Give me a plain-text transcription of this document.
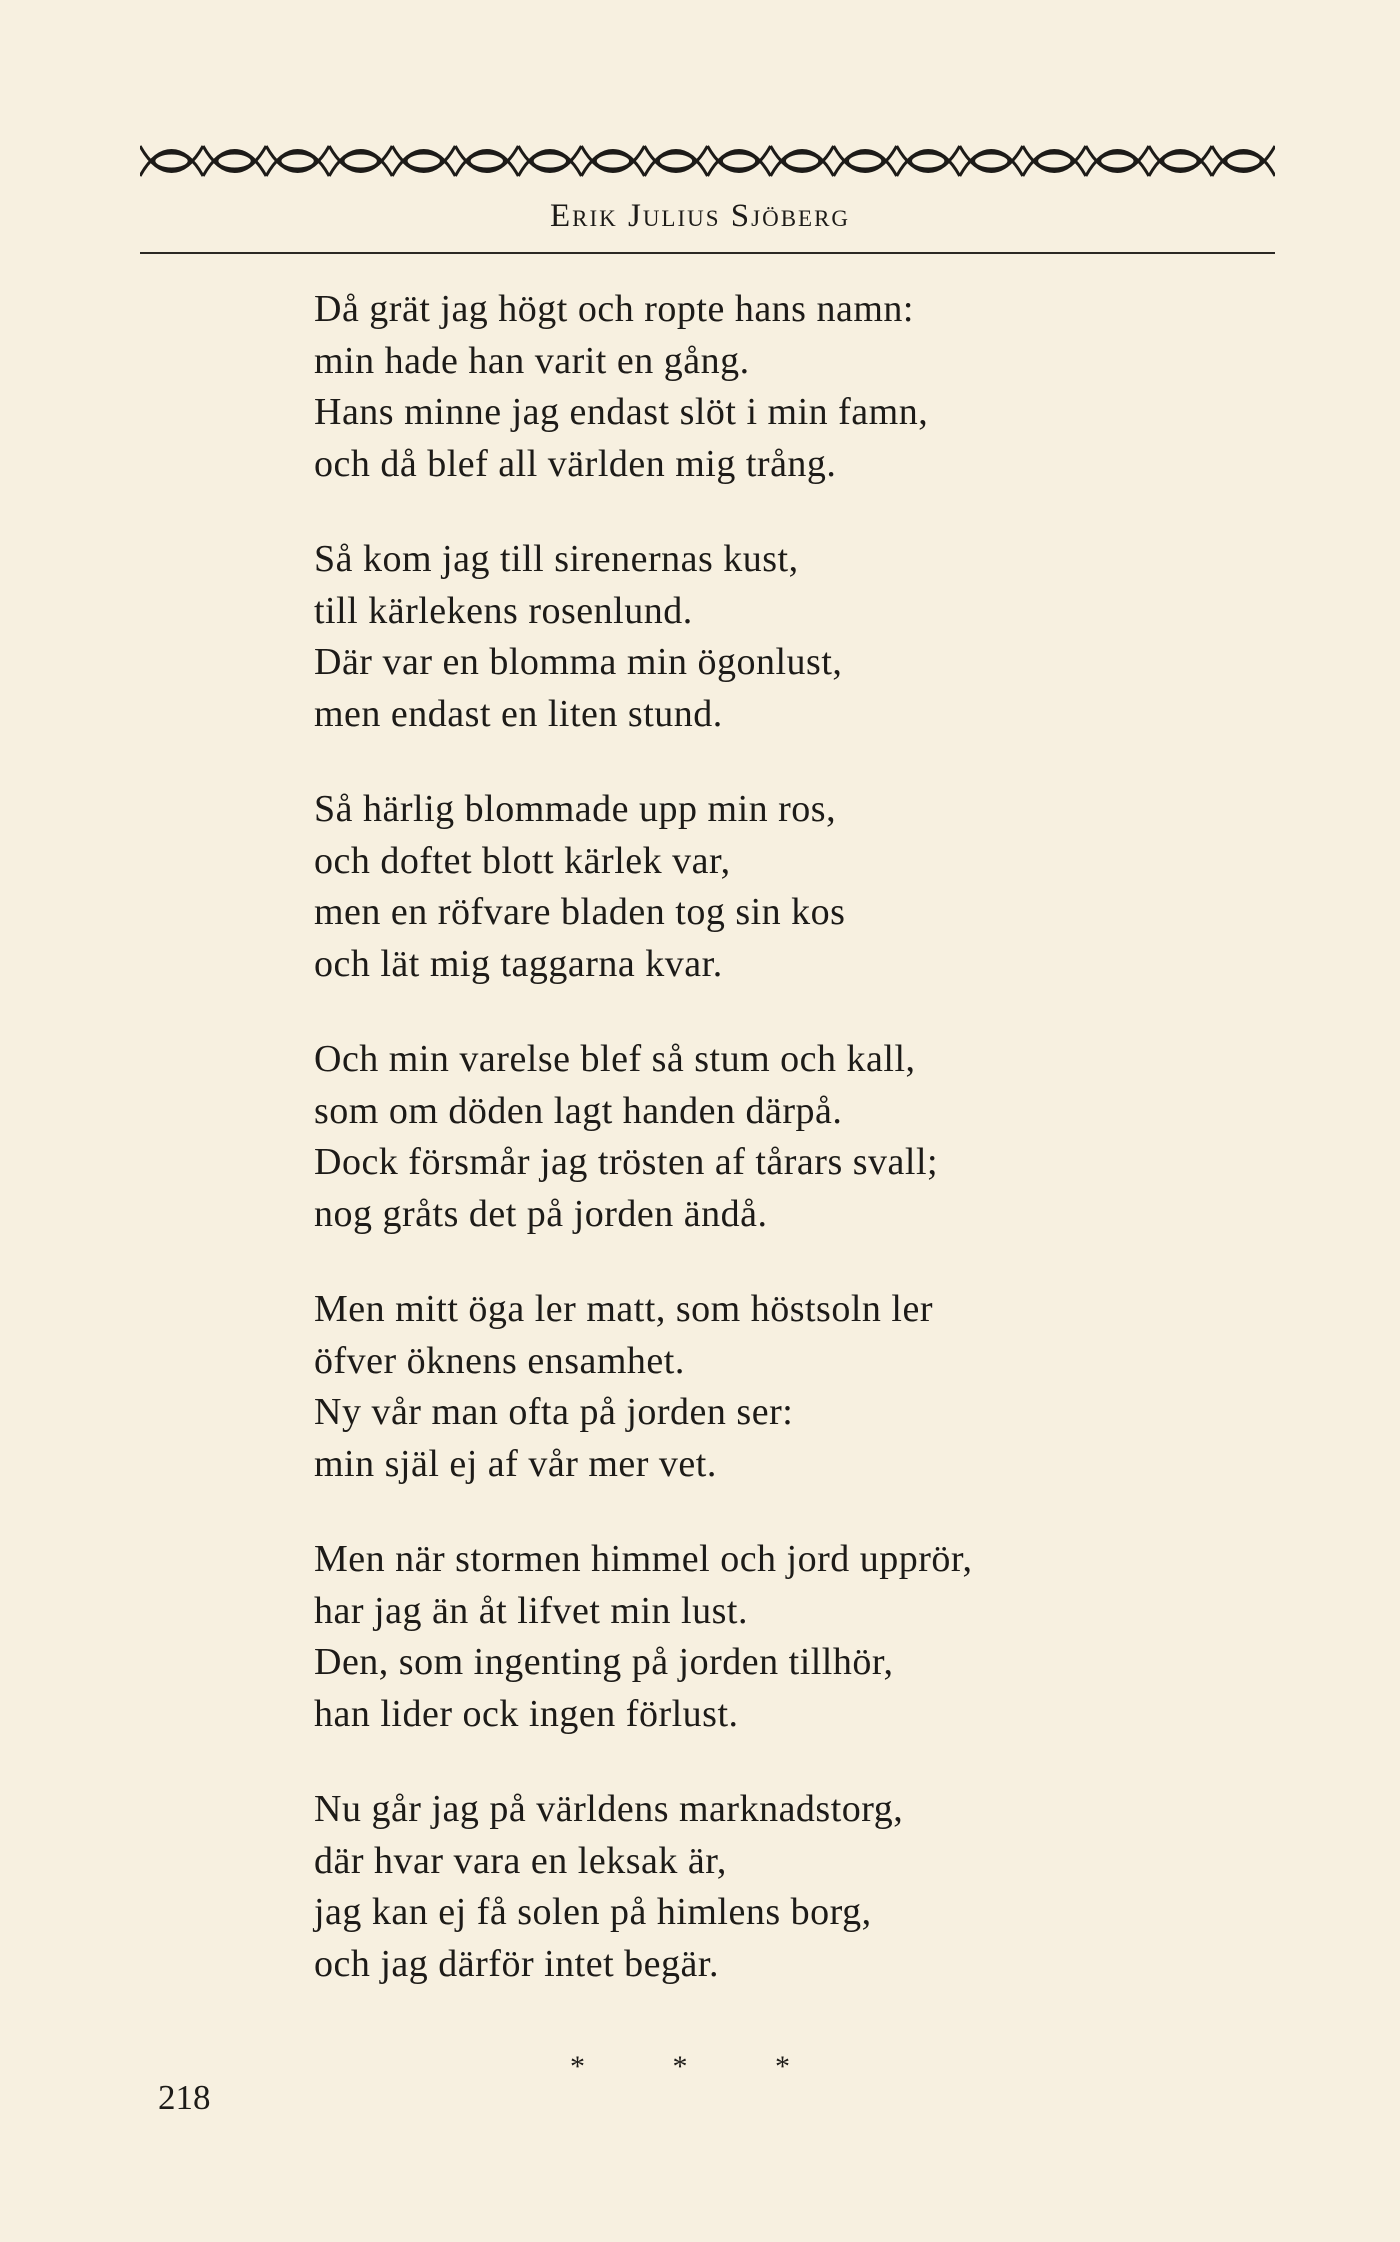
Erik Julius Sjöberg
Då grät jag högt och ropte hans namn:
min hade han varit en gång.
Hans minne jag endast slöt i min famn,
och då blef all världen mig trång.
Så kom jag till sirenernas kust,
till kärlekens rosenlund.
Där var en blomma min ögonlust,
men endast en liten stund.
Så härlig blommade upp min ros,
och doftet blott kärlek var,
men en röfvare bladen tog sin kos
och lät mig taggarna kvar.
Och min varelse blef så stum och kall,
som om döden lagt handen därpå.
Dock försmår jag trösten af tårars svall;
nog gråts det på jorden ändå.
Men mitt öga ler matt, som höstsoln ler
öfver öknens ensamhet.
Ny vår man ofta på jorden ser:
min själ ej af vår mer vet.
Men när stormen himmel och jord upprör,
har jag än åt lifvet min lust.
Den, som ingenting på jorden tillhör,
han lider ock ingen förlust.
Nu går jag på världens marknadstorg,
där hvar vara en leksak är,
jag kan ej få solen på himlens borg,
och jag därför intet begär.
* * *
218
